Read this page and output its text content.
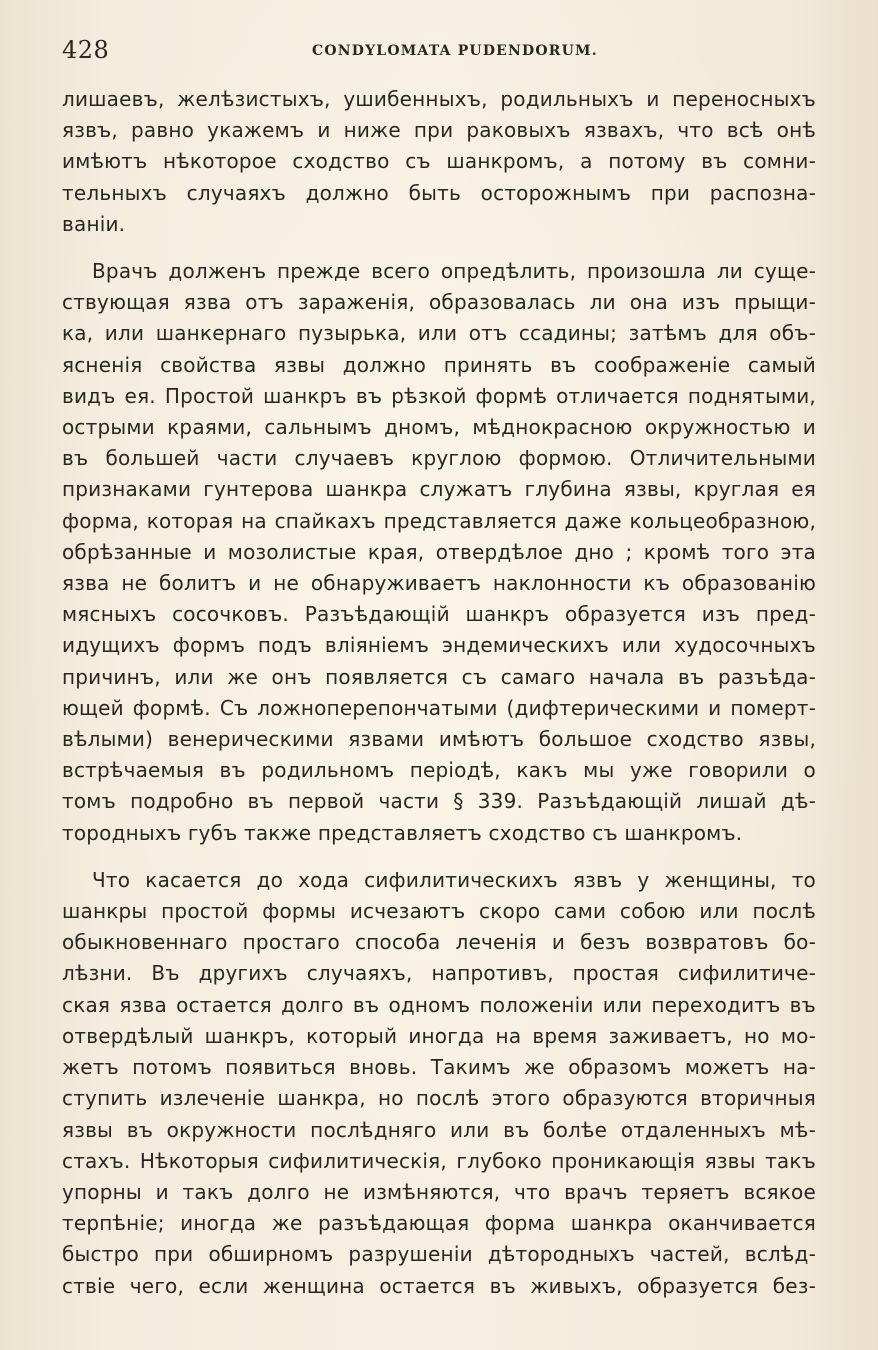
428	CONDYLOMATA PUDENDORUM.
лишаевъ, желѣзистыхъ, ушибенныхъ, родильныхъ и переносныхъ
язвъ, равно укажемъ и ниже при раковыхъ язвахъ, что всѣ онѣ
имѣютъ нѣкоторое сходство съ шанкромъ, а потому въ сомни-
тельныхъ случаяхъ должно быть осторожнымъ при распозна-
ваніи.
Врачъ долженъ прежде всего опредѣлить, произошла ли суще-
ствующая язва отъ зараженія, образовалась ли она изъ прыщи-
ка, или шанкернаго пузырька, или отъ ссадины; затѣмъ для объ-
ясненія свойства язвы должно принять въ соображеніе самый
видъ ея. Простой шанкръ въ рѣзкой формѣ отличается поднятыми,
острыми краями, сальнымъ дномъ, мѣднокрасною окружностью и
въ большей части случаевъ круглою формою. Отличительными
признаками гунтерова шанкра служатъ глубина язвы, круглая ея
форма, которая на спайкахъ представляется даже кольцеобразною,
обрѣзанные и мозолистые края, отвердѣлое дно ; кромѣ того эта
язва не болитъ и не обнаруживаетъ наклонности къ образованію
мясныхъ сосочковъ. Разъѣдающій шанкръ образуется изъ пред-
идущихъ формъ подъ вліяніемъ эндемическихъ или худосочныхъ
причинъ, или же онъ появляется съ самаго начала въ разъѣда-
ющей формѣ. Съ ложноперепончатыми (дифтерическими и померт-
вѣлыми) венерическими язвами имѣютъ большое сходство язвы,
встрѣчаемыя въ родильномъ періодѣ, какъ мы уже говорили о
томъ подробно въ первой части § 339. Разъѣдающій лишай дѣ-
тородныхъ губъ также представляетъ сходство съ шанкромъ.
Что касается до хода сифилитическихъ язвъ у женщины, то
шанкры простой формы исчезаютъ скоро сами собою или послѣ
обыкновеннаго простаго способа леченія и безъ возвратовъ бо-
лѣзни. Въ другихъ случаяхъ, напротивъ, простая сифилитиче-
ская язва остается долго въ одномъ положеніи или переходитъ въ
отвердѣлый шанкръ, который иногда на время заживаетъ, но мо-
жетъ потомъ появиться вновь. Такимъ же образомъ можетъ на-
ступить излеченіе шанкра, но послѣ этого образуются вторичныя
язвы въ окружности послѣдняго или въ болѣе отдаленныхъ мѣ-
стахъ. Нѣкоторыя сифилитическія, глубоко проникающія язвы такъ
упорны и такъ долго не измѣняются, что врачъ теряетъ всякое
терпѣніе; иногда же разъѣдающая форма шанкра оканчивается
быстро при обширномъ разрушеніи дѣтородныхъ частей, вслѣд-
ствіе чего, если женщина остается въ живыхъ, образуется без-
